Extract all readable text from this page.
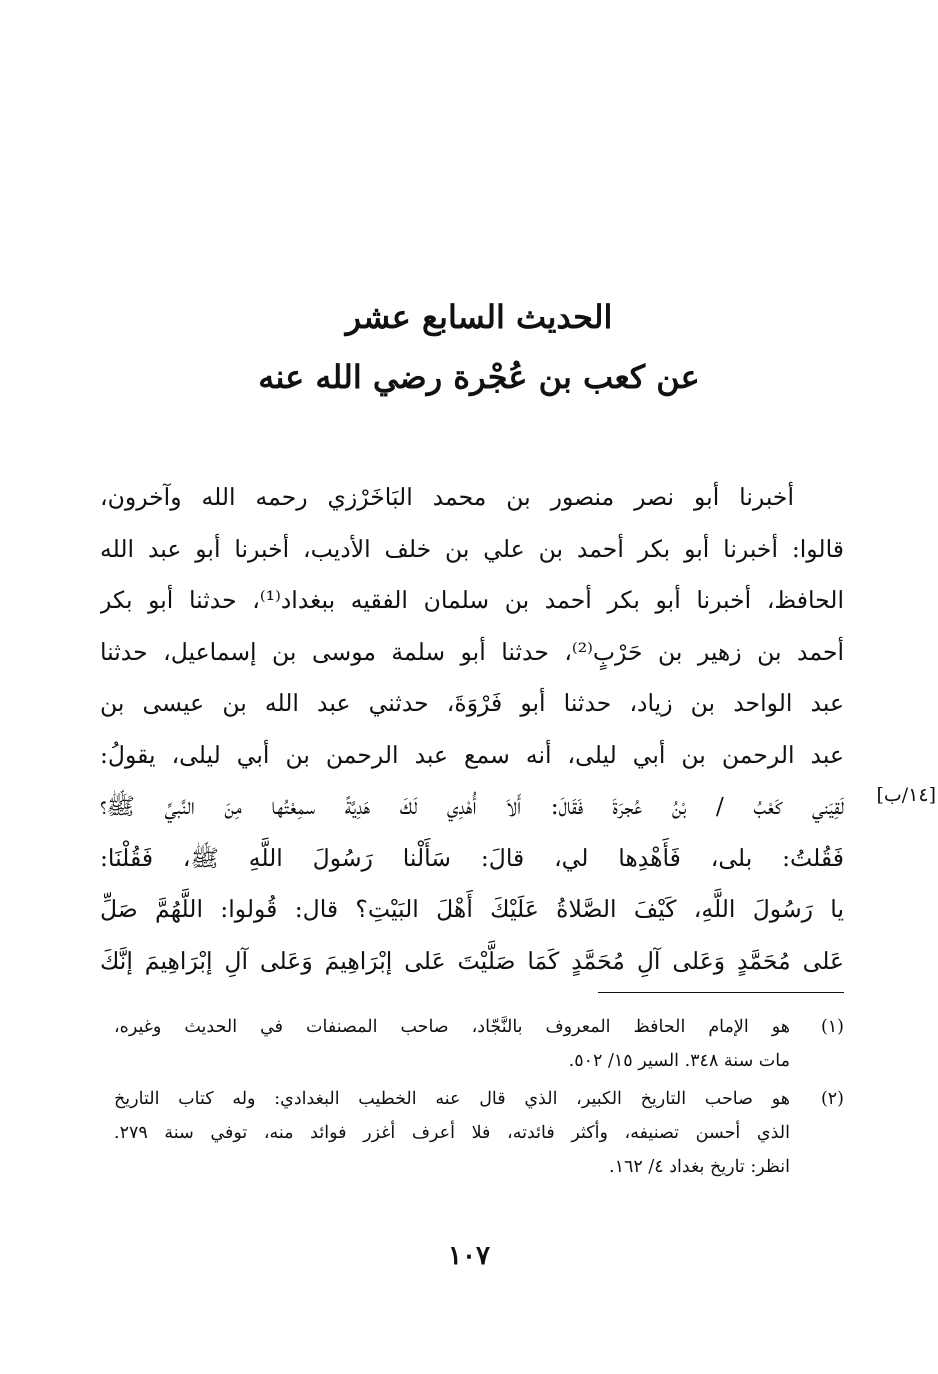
الحديث السابع عشر
عن كعب بن عُجْرة رضي الله عنه
أخبرنا أبو نصر منصور بن محمد البَاخَرْزي رحمه الله وآخرون،
قالوا: أخبرنا أبو بكر أحمد بن علي بن خلف الأديب، أخبرنا أبو عبد الله
الحافظ، أخبرنا أبو بكر أحمد بن سلمان الفقيه ببغداد⁽¹⁾، حدثنا أبو بكر
أحمد بن زهير بن حَرْبٍ⁽²⁾، حدثنا أبو سلمة موسى بن إسماعيل، حدثنا
عبد الواحد بن زياد، حدثنا أبو فَرْوَةَ، حدثني عبد الله بن عيسى بن
عبد الرحمن بن أبي ليلى، أنه سمع عبد الرحمن بن أبي ليلى، يقولُ:
لَقِيَني كَعْبُ / بْنُ عُجرَةَ فَقَالَ: أَلاَ أُهْدِي لَكَ هَدِيَّةً سمِعْتُها مِنَ النَّبيِّ ﷺ؟
فَقُلتُ: بلى، فَأَهْدِها لي، قالَ: سَأَلْنا رَسُولَ اللَّهِ ﷺ، فَقُلْنَا:
يا رَسُولَ اللَّهِ، كَيْفَ الصَّلاةُ عَلَيْكَ أَهْلَ البَيْتِ؟ قال: قُولوا: اللَّهُمَّ صَلِّ
عَلى مُحَمَّدٍ وَعَلى آلِ مُحَمَّدٍ كَمَا صَلَّيْتَ عَلى إبْرَاهِيمَ وَعَلى آلِ إبْرَاهِيمَ إنَّكَ
[١٤/ب]
(١)
هو الإمام الحافظ المعروف بالنَّجّاد، صاحب المصنفات في الحديث وغيره،
مات سنة ٣٤٨. السير ١٥/ ٥٠٢.
(٢)
هو صاحب التاريخ الكبير، الذي قال عنه الخطيب البغدادي: وله كتاب التاريخ
الذي أحسن تصنيفه، وأكثر فائدته، فلا أعرف أغزر فوائد منه، توفي سنة ٢٧٩.
انظر: تاريخ بغداد ٤/ ١٦٢.
١٠٧
